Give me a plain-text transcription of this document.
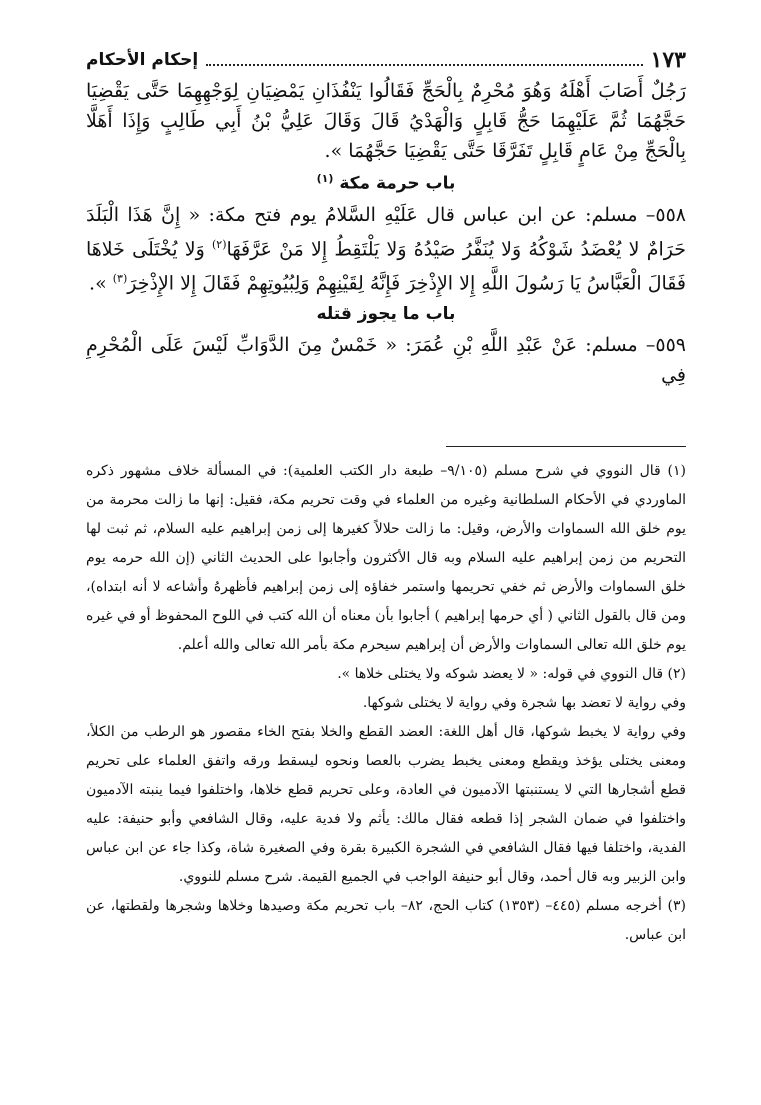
١٧٣
إحكام الأحكام

رَجُلٌ أَصَابَ أَهْلَهُ وَهُوَ مُحْرِمٌ بِالْحَجِّ فَقَالُوا يَنْفُذَانِ يَمْضِيَانِ لِوَجْهِهِمَا حَتَّى يَقْضِيَا حَجَّهُمَا ثُمَّ عَلَيْهِمَا حَجُّ قَابِلٍ وَالْهَدْيُ قَالَ وَقَالَ عَلِيُّ بْنُ أَبِي طَالِبٍ وَإِذَا أَهَلَّا بِالْحَجِّ مِنْ عَامٍ قَابِلٍ تَفَرَّقَا حَتَّى يَقْضِيَا حَجَّهُمَا ».

باب حرمة مكة $^{(١)}$

٥٥٨– مسلم: عن ابن عباس قال عَلَيْهِ السَّلامُ يوم فتح مكة: « إِنَّ هَذَا الْبَلَدَ حَرَامٌ لا يُعْضَدُ شَوْكُهُ وَلا يُنَفَّرُ صَيْدُهُ وَلا يَلْتَقِطُ إِلا مَنْ عَرَّفَهَا$^{(٢)}$ وَلا يُخْتَلَى خَلاهَا فَقَالَ الْعَبَّاسُ يَا رَسُولَ اللَّهِ إِلا الإِذْخِرَ فَإِنَّهُ لِقَيْنِهِمْ وَلِبُيُوتِهِمْ فَقَالَ إِلا الإِذْخِرَ$^{(٣)}$ ».

باب ما يجوز قتله

٥٥٩– مسلم: عَنْ عَبْدِ اللَّهِ بْنِ عُمَرَ: « خَمْسٌ مِنَ الدَّوَابِّ لَيْسَ عَلَى الْمُحْرِمِ فِي

(١) قال النووي في شرح مسلم (٩/١٠٥– طبعة دار الكتب العلمية): في المسألة خلاف مشهور ذكره الماوردي في الأحكام السلطانية وغيره من العلماء في وقت تحريم مكة، فقيل: إنها ما زالت محرمة من يوم خلق الله السماوات والأرض، وقيل: ما زالت حلالاً كغيرها إلى زمن إبراهيم عليه السلام، ثم ثبت لها التحريم من زمن إبراهيم عليه السلام وبه قال الأكثرون وأجابوا على الحديث الثاني (إن الله حرمه يوم خلق السماوات والأرض ثم خفي تحريمها واستمر خفاؤه إلى زمن إبراهيم فأظهرهُ وأشاعه لا أنه ابتداه)، ومن قال بالقول الثاني ( أي حرمها إبراهيم ) أجابوا بأن معناه أن الله كتب في اللوح المحفوظ أو في غيره يوم خلق الله تعالى السماوات والأرض أن إبراهيم سيحرم مكة بأمر الله تعالى والله أعلم.

(٢) قال النووي في قوله: « لا يعضد شوكه ولا يختلى خلاها ».

وفي رواية لا تعضد بها شجرة وفي رواية لا يختلى شوكها.

وفي رواية لا يخبط شوكها، قال أهل اللغة: العضد القطع والخلا بفتح الخاء مقصور هو الرطب من الكلأ، ومعنى يختلى يؤخذ ويقطع ومعنى يخبط يضرب بالعصا ونحوه ليسقط ورقه واتفق العلماء على تحريم قطع أشجارها التي لا يستنبتها الآدميون في العادة، وعلى تحريم قطع خلاها، واختلفوا فيما ينبته الآدميون واختلفوا في ضمان الشجر إذا قطعه فقال مالك: يأثم ولا فدية عليه، وقال الشافعي وأبو حنيفة: عليه الفدية، واختلفا فيها فقال الشافعي في الشجرة الكبيرة بقرة وفي الصغيرة شاة، وكذا جاء عن ابن عباس وابن الزبير وبه قال أحمد، وقال أبو حنيفة الواجب في الجميع القيمة. شرح مسلم للنووي.

(٣) أخرجه مسلم (٤٤٥– (١٣٥٣) كتاب الحج، ٨٢– باب تحريم مكة وصيدها وخلاها وشجرها ولقطتها، عن ابن عباس.
